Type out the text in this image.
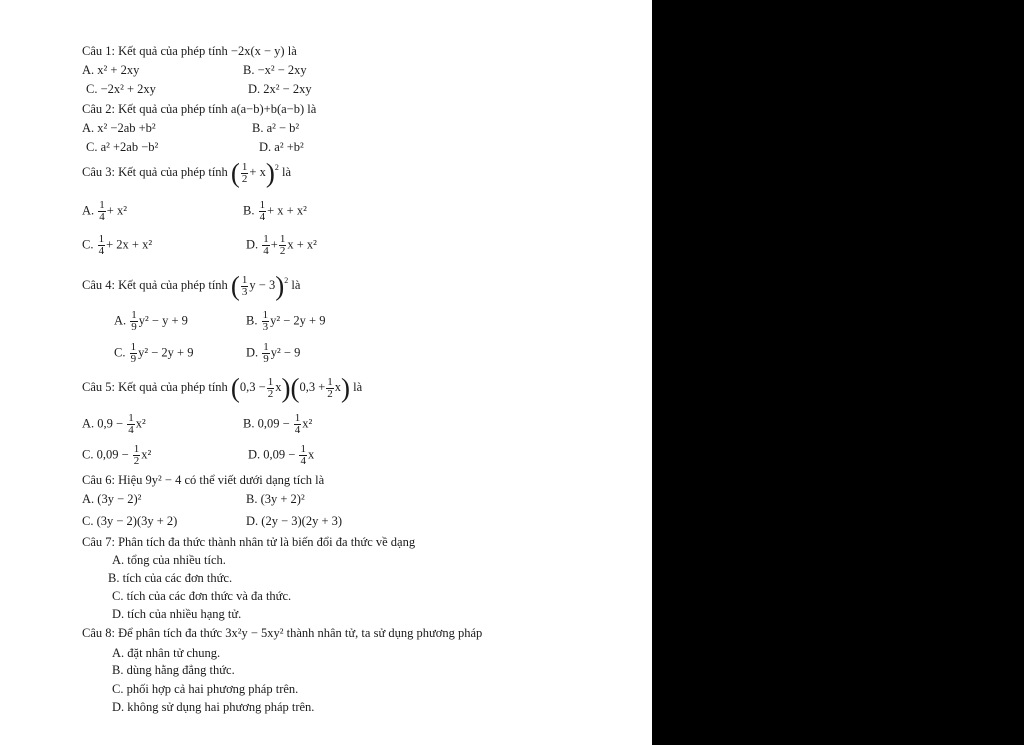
Câu 1: Kết quả của phép tính −2x(x − y) là
A. x² + 2xy	B. −x² − 2xy
C. −2x² + 2xy	D. 2x² − 2xy
Câu 2: Kết quả của phép tính a(a−b)+b(a−b) là
A. x² −2ab +b²	B. a² − b²
C. a² +2ab −b²	D. a² +b²
Câu 3: Kết quả của phép tính ( $\frac{1}{2} + x)^2$ là
A. $\frac{1}{4} + x^2$	B. $\frac{1}{4} + x + x^2$
C. $\frac{1}{4} + 2x + x^2$	D. $\frac{1}{4} + \frac{1}{2}$ x + x²
Câu 4: Kết quả của phép tính ( $\frac{1}{3}$ y − 3)$^2$ là
A. $\frac{1}{9} y^2 - y + 9$	B. $\frac{1}{3} y^2 - 2y + 9$
C. $\frac{1}{9} y^2 - 2y + 9$	D. $\frac{1}{9} y^2 - 9$
Câu 5: Kết quả của phép tính $(0,3 - \frac{1}{2} x)(0,3 + \frac{1}{2} x)$ là
A. $0,9 - \frac{1}{4} x^2$	B. $0,09 - \frac{1}{4} x^2$
C. $0,09 - \frac{1}{2} x^2$	D. $0,09 - \frac{1}{4}$ x
Câu 6: Hiệu 9y² − 4 có thể viết dưới dạng tích là
A. (3y − 2)²	B. (3y + 2)²
C. (3y − 2)(3y + 2)	D. (2y − 3)(2y + 3)
Câu 7: Phân tích đa thức thành nhân tử là biến đổi đa thức về dạng
A. tổng của nhiều tích.
B. tích của các đơn thức.
C. tích của các đơn thức và đa thức.
D. tích của nhiều hạng tử.
Câu 8: Để phân tích đa thức 3x²y − 5xy² thành nhân tử, ta sử dụng phương pháp
A. đặt nhân tử chung.
B. dùng hằng đẳng thức.
C. phối hợp cả hai phương pháp trên.
D. không sử dụng hai phương pháp trên.
